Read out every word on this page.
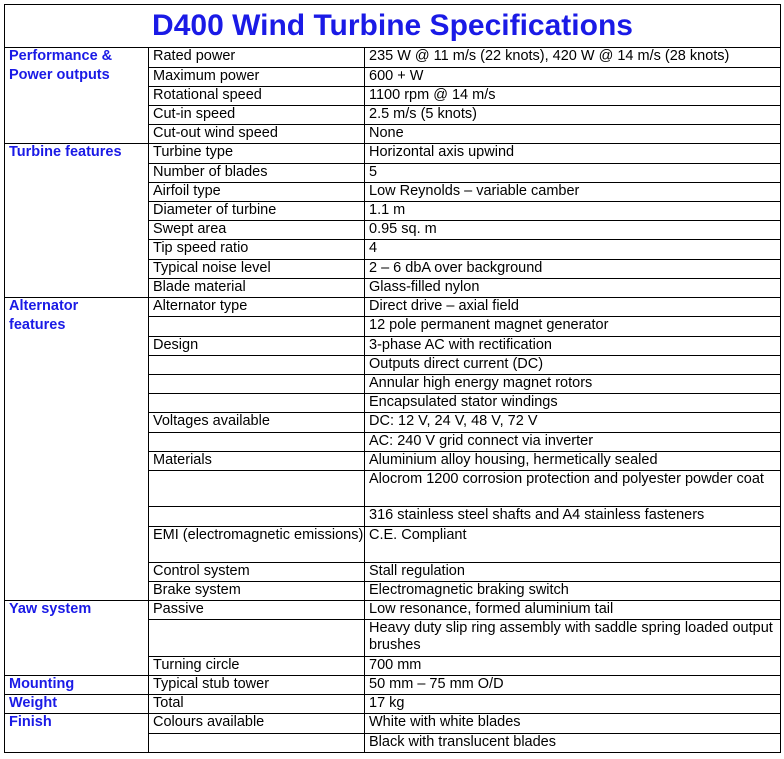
D400 Wind Turbine Specifications		
Performance &	Rated power	235 W @ 11 m/s (22 knots), 420 W @ 14 m/s (28 knots)
Power outputs	Maximum power	600 + W
	Rotational speed	1100 rpm @ 14 m/s
	Cut-in speed	2.5 m/s (5 knots)
	Cut-out wind speed	None
Turbine features	Turbine type	Horizontal axis upwind
	Number of blades	5
	Airfoil type	Low Reynolds – variable camber
	Diameter of turbine	1.1 m
	Swept area	0.95 sq. m
	Tip speed ratio	4
	Typical noise level	2 – 6 dbA over background
	Blade material	Glass-filled nylon
Alternator	Alternator type	Direct drive – axial field
features		12 pole permanent magnet generator
	Design	3-phase AC with rectification
		Outputs direct current (DC)
		Annular high energy magnet rotors
		Encapsulated stator windings
	Voltages available	DC: 12 V, 24 V, 48 V, 72 V
		AC: 240 V grid connect via inverter
	Materials	Aluminium alloy housing, hermetically sealed
		Alocrom 1200 corrosion protection and polyester powder coat
		316 stainless steel shafts and A4 stainless fasteners
	EMI (electromagnetic emissions)	C.E. Compliant
	Control system	Stall regulation
	Brake system	Electromagnetic braking switch
Yaw system	Passive	Low resonance, formed aluminium tail
		Heavy duty slip ring assembly with saddle spring loaded output brushes
	Turning circle	700 mm
Mounting	Typical stub tower	50 mm – 75 mm O/D
Weight	Total	17 kg
Finish	Colours available	White with white blades
		Black with translucent blades
